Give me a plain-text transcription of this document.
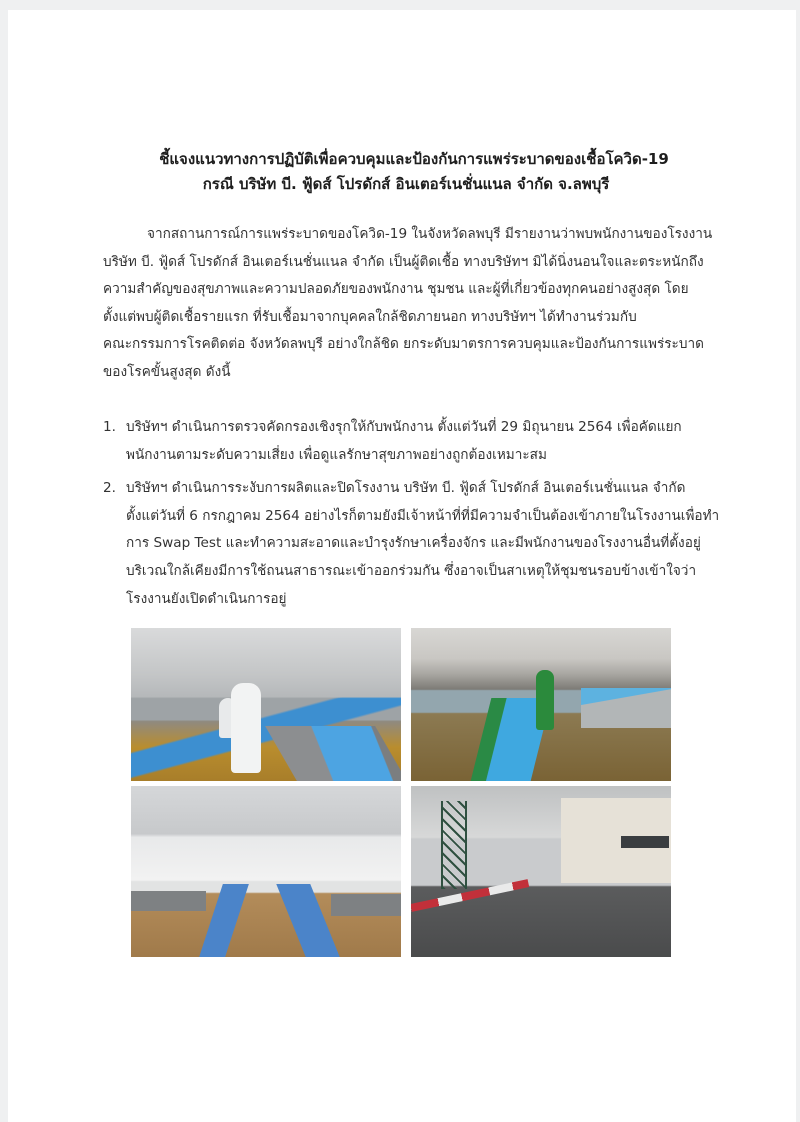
ชี้แจงแนวทางการปฏิบัติเพื่อควบคุมและป้องกันการแพร่ระบาดของเชื้อโควิด-19
กรณี บริษัท บี. ฟู้ดส์ โปรดักส์ อินเตอร์เนชั่นแนล จำกัด จ.ลพบุรี
จากสถานการณ์การแพร่ระบาดของโควิด-19 ในจังหวัดลพบุรี มีรายงานว่าพบพนักงานของโรงงาน
บริษัท บี. ฟู้ดส์ โปรดักส์ อินเตอร์เนชั่นแนล จำกัด เป็นผู้ติดเชื้อ ทางบริษัทฯ มิได้นิ่งนอนใจและตระหนักถึง
ความสำคัญของสุขภาพและความปลอดภัยของพนักงาน ชุมชน และผู้ที่เกี่ยวข้องทุกคนอย่างสูงสุด โดย
ตั้งแต่พบผู้ติดเชื้อรายแรก ที่รับเชื้อมาจากบุคคลใกล้ชิดภายนอก ทางบริษัทฯ ได้ทำงานร่วมกับ
คณะกรรมการโรคติดต่อ จังหวัดลพบุรี อย่างใกล้ชิด ยกระดับมาตรการควบคุมและป้องกันการแพร่ระบาด
ของโรคขั้นสูงสุด ดังนี้
1. บริษัทฯ ดำเนินการตรวจคัดกรองเชิงรุกให้กับพนักงาน ตั้งแต่วันที่ 29 มิถุนายน 2564 เพื่อคัดแยก
พนักงานตามระดับความเสี่ยง เพื่อดูแลรักษาสุขภาพอย่างถูกต้องเหมาะสม
2. บริษัทฯ ดำเนินการระงับการผลิตและปิดโรงงาน บริษัท บี. ฟู้ดส์ โปรดักส์ อินเตอร์เนชั่นแนล จำกัด
ตั้งแต่วันที่ 6 กรกฎาคม 2564 อย่างไรก็ตามยังมีเจ้าหน้าที่ที่มีความจำเป็นต้องเข้าภายในโรงงานเพื่อทำ
การ Swap Test และทำความสะอาดและบำรุงรักษาเครื่องจักร และมีพนักงานของโรงงานอื่นที่ตั้งอยู่
บริเวณใกล้เคียงมีการใช้ถนนสาธารณะเข้าออกร่วมกัน ซึ่งอาจเป็นสาเหตุให้ชุมชนรอบข้างเข้าใจว่า
โรงงานยังเปิดดำเนินการอยู่
